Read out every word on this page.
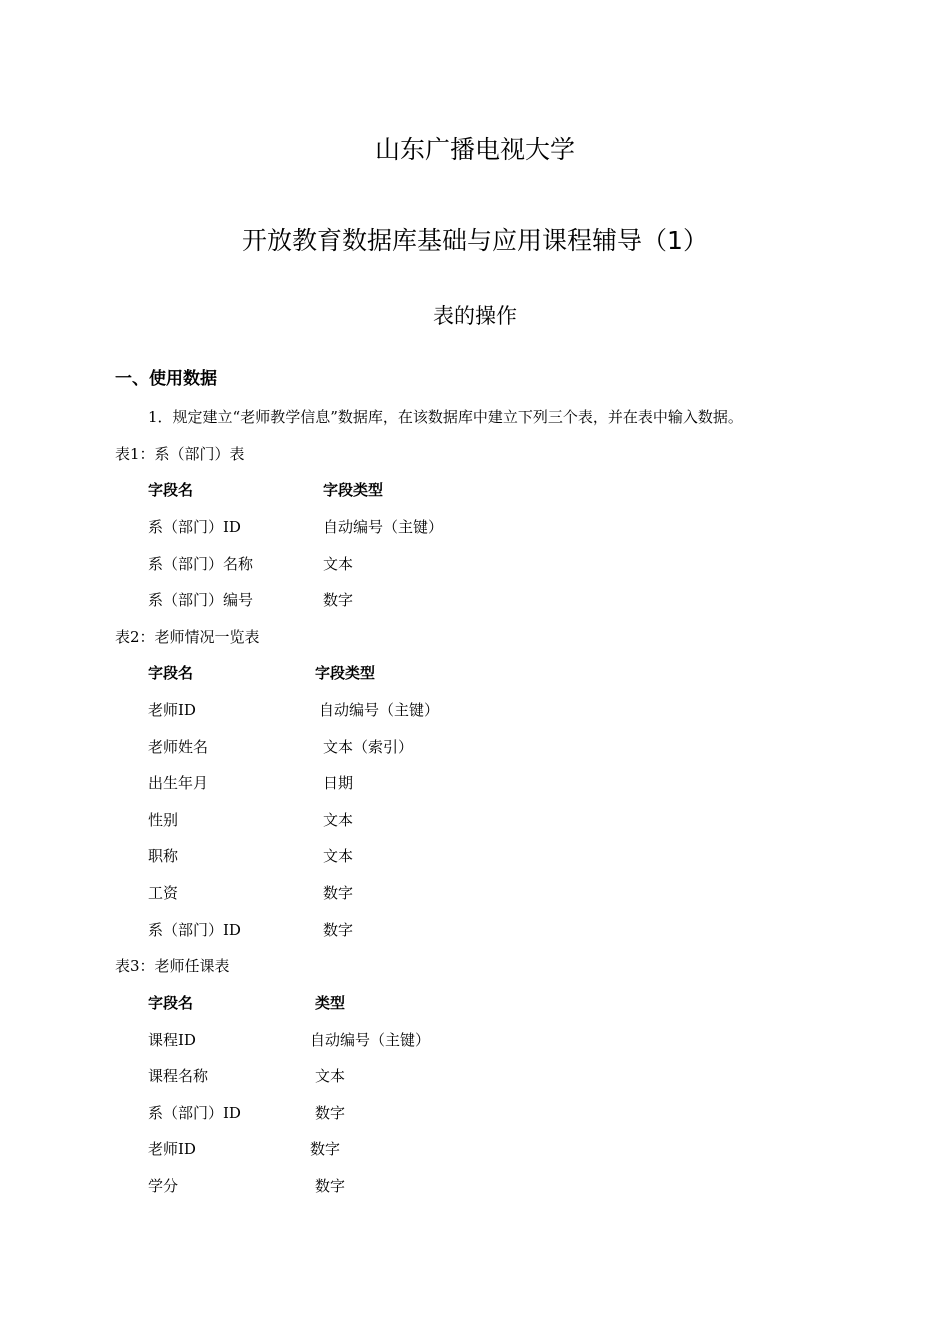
山东广播电视大学
开放教育数据库基础与应用课程辅导（1）
表的操作
一、使用数据
1．规定建立“老师教学信息”数据库，在该数据库中建立下列三个表，并在表中输入数据。
表1：系（部门）表
字段名	字段类型
系（部门）ID	自动编号（主键）
系（部门）名称	文本
系（部门）编号	数字
表2：老师情况一览表
字段名	字段类型
老师ID	自动编号（主键）
老师姓名	文本（索引）
出生年月	日期
性别	文本
职称	文本
工资	数字
系（部门）ID	数字
表3：老师任课表
字段名	类型
课程ID	自动编号（主键）
课程名称	文本
系（部门）ID	数字
老师ID	数字
学分	数字
